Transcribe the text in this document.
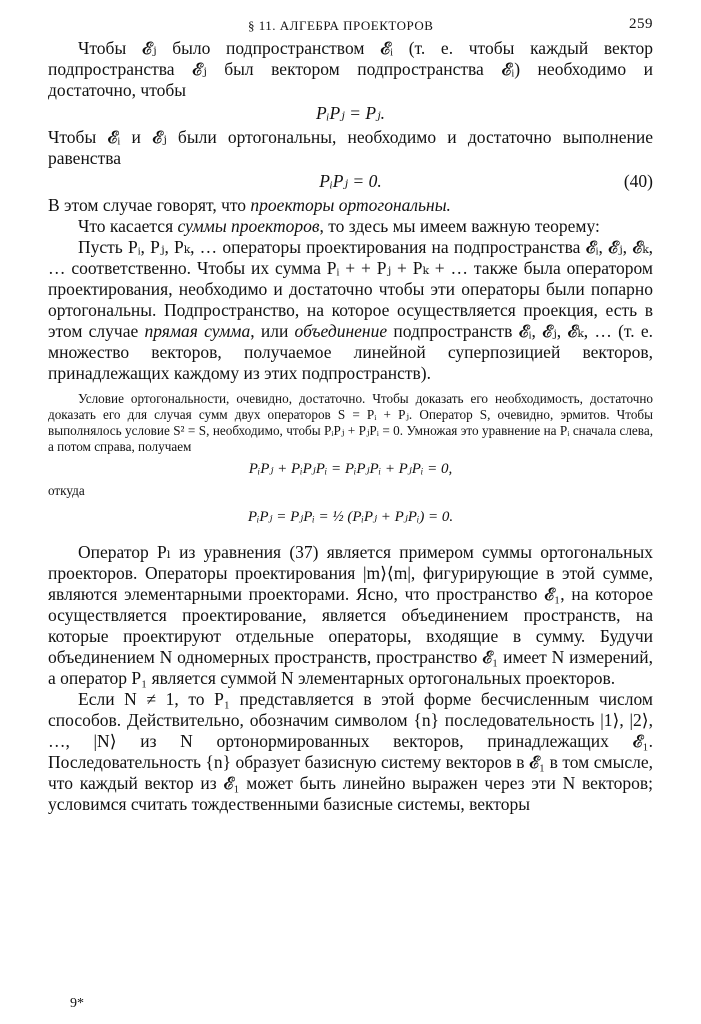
§ 11. АЛГЕБРА ПРОЕКТОРОВ	259

Чтобы 𝓔ⱼ было подпространством 𝓔ᵢ (т. е. чтобы каждый вектор подпространства 𝓔ⱼ был вектором подпространства 𝓔ᵢ) необходимо и достаточно, чтобы

PᵢPⱼ = Pⱼ.

Чтобы 𝓔ᵢ и 𝓔ⱼ были ортогональны, необходимо и достаточно выполнение равенства

PᵢPⱼ = 0.	(40)

В этом случае говорят, что проекторы ортогональны.

Что касается суммы проекторов, то здесь мы имеем важную теорему:

Пусть Pᵢ, Pⱼ, Pₖ, … операторы проектирования на подпространства 𝓔ᵢ, 𝓔ⱼ, 𝓔ₖ, … соответственно. Чтобы их сумма Pᵢ + + Pⱼ + Pₖ + … также была оператором проектирования, необходимо и достаточно чтобы эти операторы были попарно ортогональны. Подпространство, на которое осуществляется проекция, есть в этом случае прямая сумма, или объединение подпространств 𝓔ᵢ, 𝓔ⱼ, 𝓔ₖ, … (т. е. множество векторов, получаемое линейной суперпозицией векторов, принадлежащих каждому из этих подпространств).

Условие ортогональности, очевидно, достаточно. Чтобы доказать его необходимость, достаточно доказать его для случая сумм двух операторов S = Pᵢ + Pⱼ. Оператор S, очевидно, эрмитов. Чтобы выполнялось условие S² = S, необходимо, чтобы PᵢPⱼ + PⱼPᵢ = 0. Умножая это уравнение на Pᵢ сначала слева, а потом справа, получаем

PᵢPⱼ + PᵢPⱼPᵢ = PᵢPⱼPᵢ + PⱼPᵢ = 0,

откуда

PᵢPⱼ = PⱼPᵢ = ½ (PᵢPⱼ + PⱼPᵢ) = 0.

Оператор Pₗ из уравнения (37) является примером суммы ортогональных проекторов. Операторы проектирования |m⟩⟨m|, фигурирующие в этой сумме, являются элементарными проекторами. Ясно, что пространство 𝓔₁, на которое осуществляется проектирование, является объединением пространств, на которые проектируют отдельные операторы, входящие в сумму. Будучи объединением N одномерных пространств, пространство 𝓔₁ имеет N измерений, а оператор P₁ является суммой N элементарных ортогональных проекторов.

Если N ≠ 1, то P₁ представляется в этой форме бесчисленным числом способов. Действительно, обозначим символом {n} последовательность |1⟩, |2⟩, …, |N⟩ из N ортонормированных векторов, принадлежащих 𝓔₁. Последовательность {n} образует базисную систему векторов в 𝓔₁ в том смысле, что каждый вектор из 𝓔₁ может быть линейно выражен через эти N векторов; условимся считать тождественными базисные системы, векторы

9*
